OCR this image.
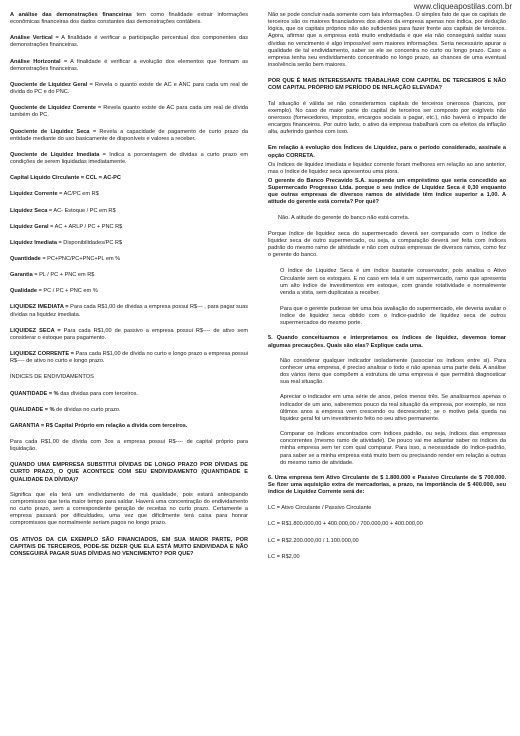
www.cliqueapostilas.com.br

A análise das demonstrações financeiras tem como finalidade extrair informações econômicas financeiras dos dados constantes das demonstrações contábeis.

Análise Vertical = A finalidade é verificar a participação percentual dos componentes das demonstrações financeiras.

Análise Horizontal = A finalidade é verificar a evolução dos elementos que formam as demonstrações financeiras.

Quociente de Liquidez Geral = Revela o quanto existe de AC e ANC para cada um real de dívida do PC e do PNC.

Quociente de Liquidez Corrente = Revela quanto existe de AC para cada um real de dívida também do PC.

Quociente de Liquidez Seca = Revela a capacidade de pagamento de curto prazo da entidade mediante do uso basicamente de disponíveis e valores a receber.

Quociente de Liquidez Imediata = Indica a porcentagem de dívidas a curto prazo em condições de serem liquidadas imediatamente.

Capital Líquido Circulante = CCL = AC-PC

Liquidez Corrente = AC/PC em R$

Liquidez Seca = AC- Estoque / PC em R$

Liquidez Geral = AC + ARLP / PC + PNC R$

Liquidez Imediata = Disponibilidades/PC R$

Quantidade = PC+PNC/PC+PNC+PL em %

Garantia = PL / PC + PNC em R$

Qualidade = PC / PC + PNC em %

LIQUIDEZ IMEDIATA = Para cada R$1,00 de dívidas a empresa possui R$--- , para pagar suas dívidas na liquidez imediata.

LIQUIDEZ SECA = Para cada R$1,00 de passivo a empresa possui R$---- de ativo sem considerar o estoque para pagamento.

LIQUIDEZ CORRENTE = Para cada R$1,00 de dívida no curto e longo prazo a empresa possui R$---- de ativo no curto e longo prazo.

ÍNDICES DE ENDIVIDAMENTOS

QUANTIDADE = % das dívidas para com terceiros.

QUALIDADE = % de dívidas no curto prazo.

GARANTIA = R$ Capital Próprio em relação a dívida com terceiros.

Para cada R$1,00 de dívida com 3os a empresa possui R$---- de capital próprio para liquidação.

QUANDO UMA EMPRRESA SUBSTITUI DÍVIDAS DE LONGO PRAZO POR DÍVIDAS DE CURTO PRAZO, O QUE ACONTECE COM SEU ENDIVIDAMENTO (QUANTIDADE E QUALIDADE DA DÍVIDA)?

Significa que ela terá um endividamento de má qualidade, pois estará antecipando compromissos que teria maior tempo para saldar. Haverá uma concentração do endividamento no curto prazo, sem a correspondente geração de receitas no curto prazo. Certamente a empresa passará por dificuldades, uma vez que dificilmente terá caixa para honrar compromissos que normalmente seriam pagos no longo prazo.

OS ATIVOS DA CIA EXEMPLO SÃO FINANCIADOS, EM SUA MAIOR PARTE, POR CAPITAIS DE TERCEIROS, PODE-SE DIZER QUE ELA ESTÁ MUITO ENDIVIDADA E NÃO CONSEGUIRÁ PAGAR SUAS DÍVIDAS NO VENCIMENTO? POR QUE?

Não se pode concluir nada somente com tais informações. O simples fato de que os capitais de terceiros são os maiores financiadores dos ativos da empresa apenas nos indica, por dedução lógica, que os capitais próprios não são suficientes para fazer frente aos capitais de terceiros. Agora, afirmar que a empresa está muito endividada e que ela não conseguirá saldar suas dívidas no vencimento é algo impossível sem maiores informações. Seria necessário apurar a qualidade de tal endividamento, saber se ele se concentra no curto ou longo prazo. Caso a empresa tenha seu endividamento concentrado no longo prazo, as chances de uma eventual insolvência serão bem maiores.

POR QUE É MAIS INTERESSANTE TRABALHAR COM CAPITAL DE TERCEIROS E NÃO COM CAPITAL PRÓPRIO EM PERÍODO DE INFLAÇÃO ELEVADA?

Tal situação é válida se não considerarmos capitais de terceiros onerosos (bancos, por exemplo). No caso de maior parte do capital de terceiros ser composto por exigíveis não onerosos (fornecedores, impostos, encargos sociais a pagar, etc.), não haverá o impacto de encargos financeiros. Por outro lado, o ativo da empresa trabalhará com os efeitos da inflação alta, auferindo ganhos com isso.

Em relação à evolução dos Índices de Liquidez, para o período considerado, assinale a opção CORRETA.

Os índices de liquidez imediata e liquidez corrente foram melhores em relação ao ano anterior, mas o índice de liquidez seca apresentou uma piora.

O gerente do Banco Precavido S.A. suspende um empréstimo que seria concedido ao Supermercado Progresso Ltda. porque o seu índice de Liquidez Seca é 0,30 enquanto que outras empresas de diversos ramos de atividade têm índice superior a 1,00. A atitude do gerente está correta? Por quê?

Não. A atitude do gerente do banco não está correta.

Porque índice de liquidez seca do supermercado deverá ser comparado com o índice de liquidez seca de outro supermercado, ou seja, a comparação deverá ser feita com índices padrão do mesmo ramo de atividade e não com outras empresas de diversos ramos, como fez o gerente do banco.

O índice de Liquidez Seca é um índice bastante conservador, pois analisa o Ativo Circulante sem os estoques. E no caso em tela é um supermercado, ramo que apresenta um alto índice de investimentos em estoque, com grande rotatividade e normalmente venda a vista, sem duplicatas a receber.

Para que o gerente pudesse ter uma boa avaliação do supermercado, ele deveria avaliar o índice de liquidez seca obtido com o índice-padrão de liquidez seca de outros supermercados do mesmo porte.

5. Quando conceituamos e interpretamos os índices de liquidez, devemos tomar algumas precauções. Quais são elas? Explique cada uma.

Não considerar qualquer indicador isoladamente (associar os índices entre si). Para conhecer uma empresa, é preciso analisar o todo e não apenas uma parte dela. A análise dos vários itens que compõem a estrutura de uma empresa é que permitirá diagnosticar sua real situação.

Apreciar o indicador em uma série de anos, pelos menos três. Se analisarmos apenas o indicador de um ano, saberemos pouco da real situação da empresa, por exemplo, se nos últimos anos a empresa vem crescendo ou decrescendo; se o motivo pela queda na liquidez geral foi um investimento feito no seu ativo permanente.

Comparar os índices encontrados com índices padrão, ou seja, índices das empresas concorrentes (mesmo ramo de atividade). De pouco vai me adiantar saber os índices da minha empresa sem ter com qual comparar. Para isso, a necessidade do índice-padrão, para saber se a minha empresa está muito bem ou precisando render em relação a outras do mesmo ramo de atividade.

6. Uma empresa tem Ativo Circulante de $ 1.800.000 e Passivo Circulante de $ 700.000. Se fizer uma aquisição extra de mercadorias, a prazo, na importância de $ 400.000, seu índice de Liquidez Corrente será de:

LC = Ativo Circulante / Passivo Circulante

LC = R$1.800.000,00 + 400.000,00 / 700.000,00 + 400.000,00

LC = R$2.200.000,00 / 1.100.000,00

LC = R$2,00
